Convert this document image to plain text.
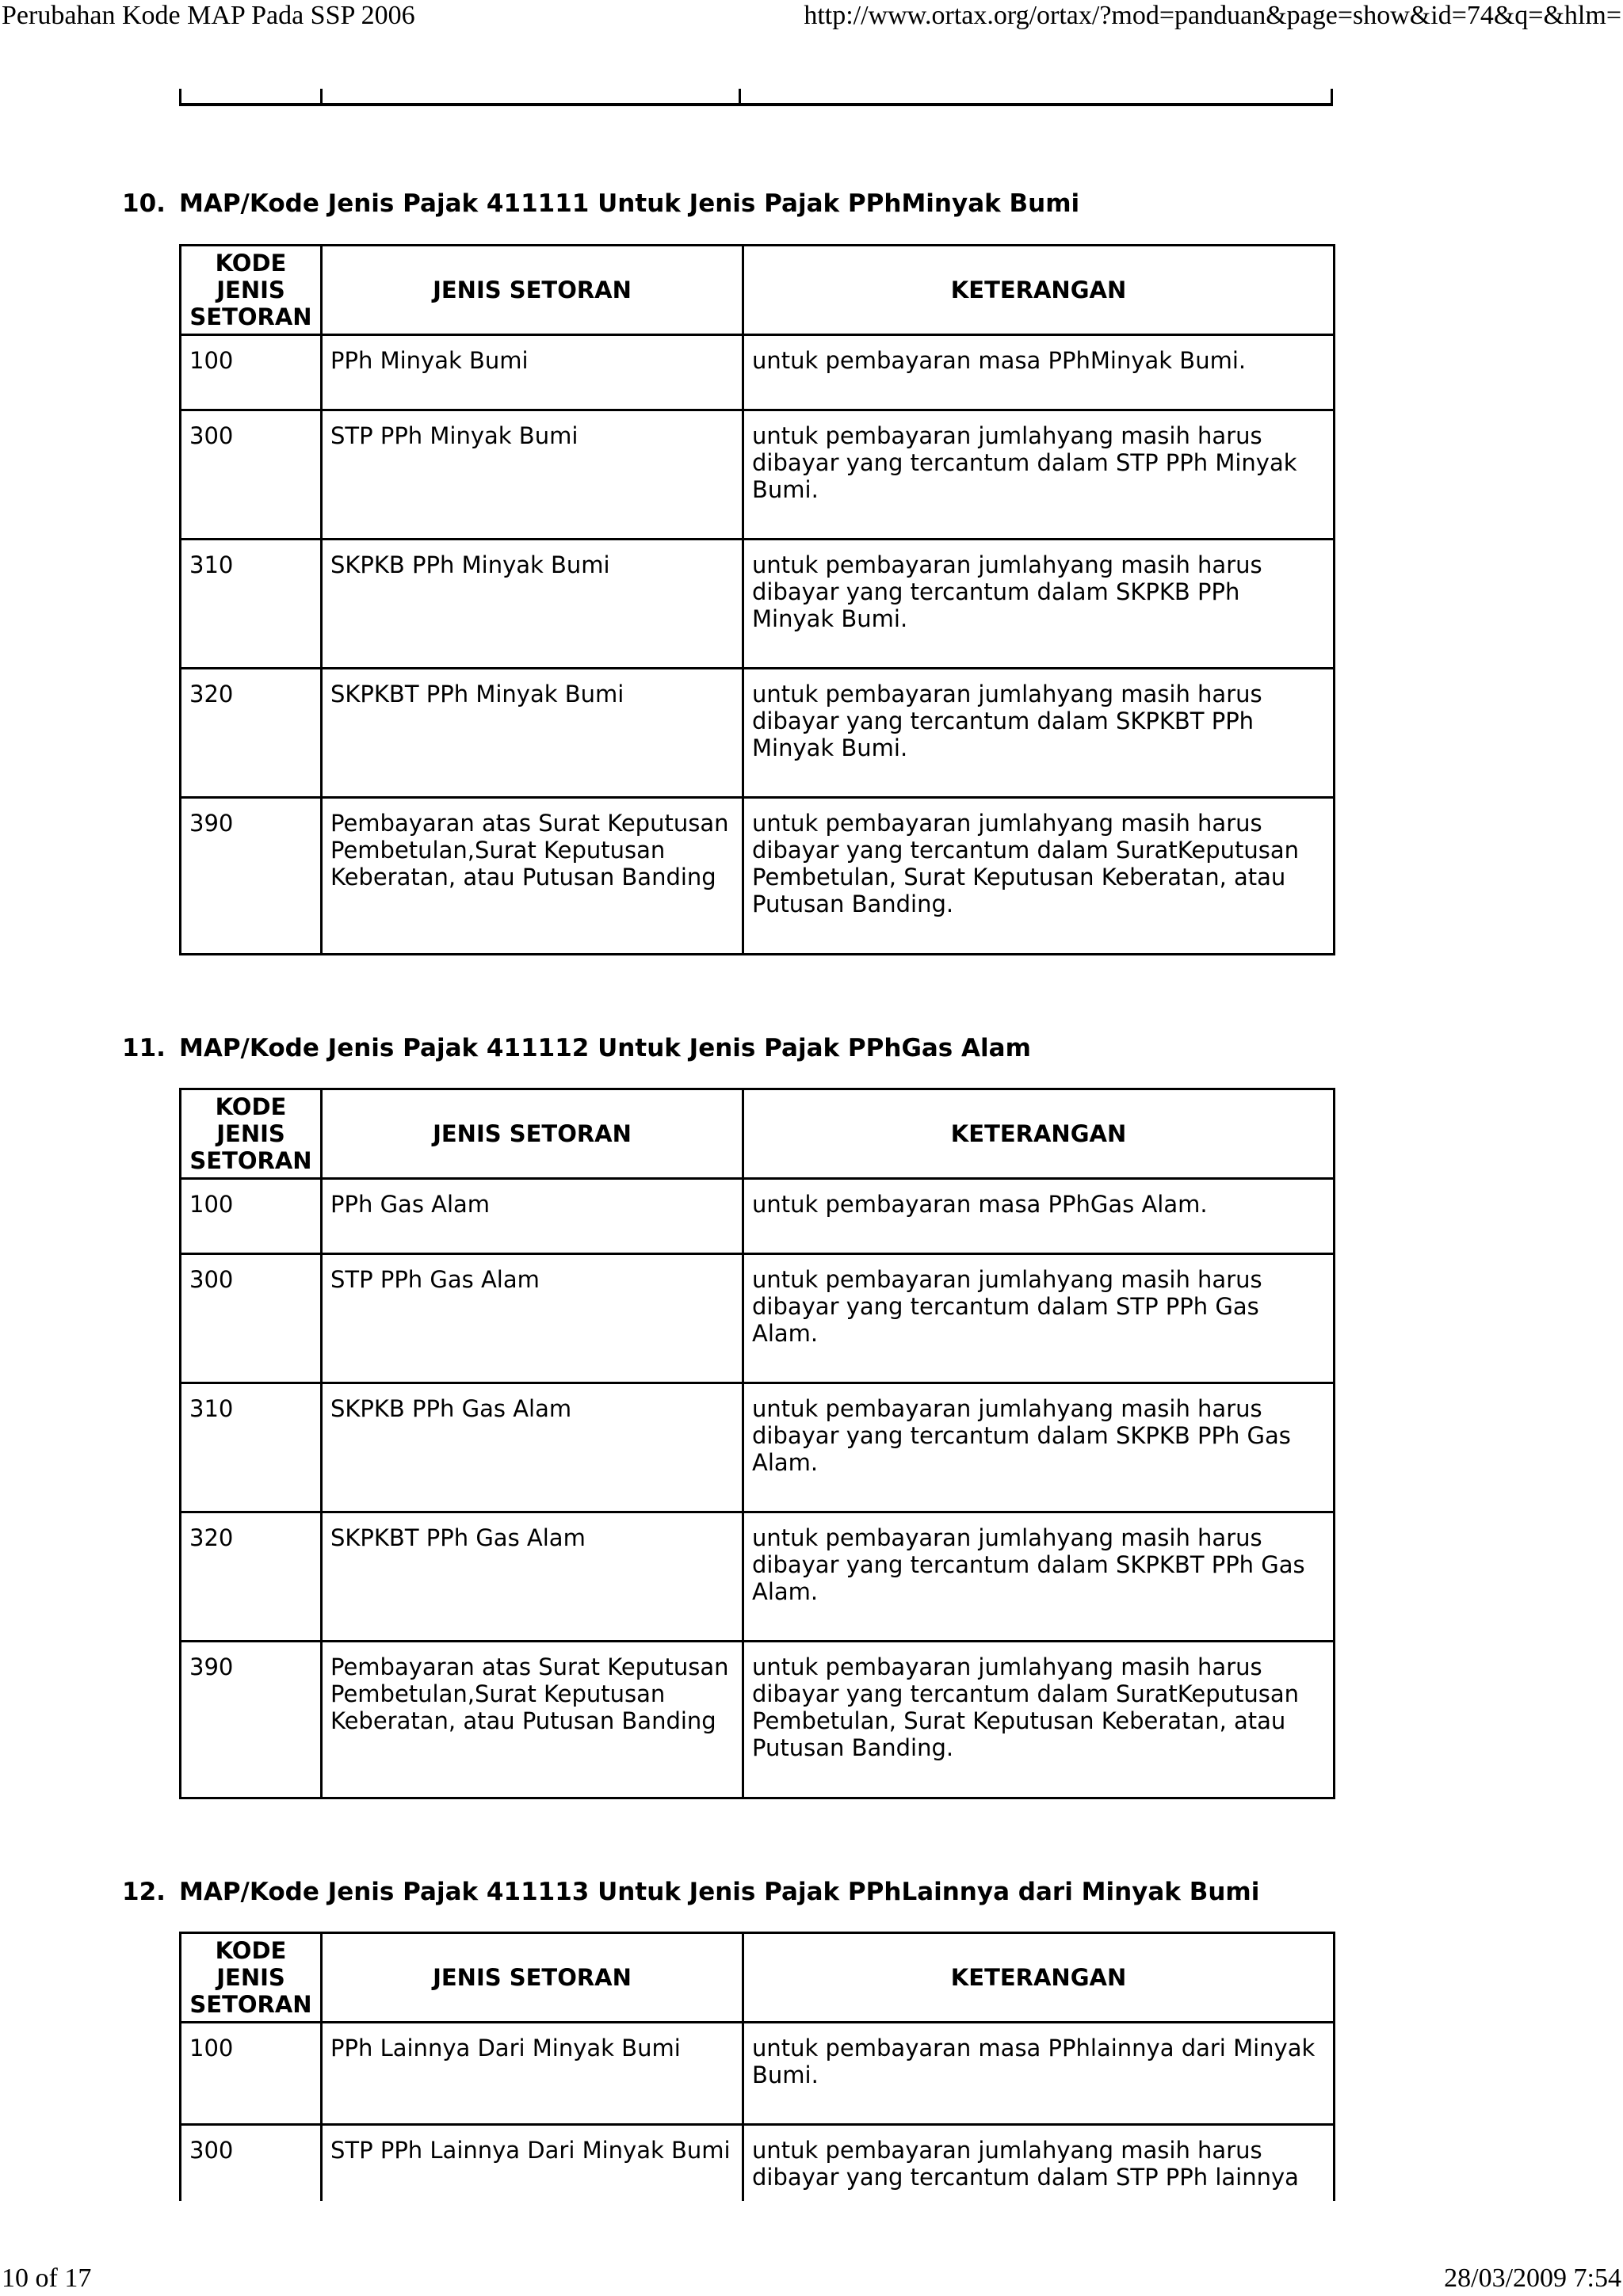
Perubahan Kode MAP Pada SSP 2006	http://www.ortax.org/ortax/?mod=panduan&page=show&id=74&q=&hlm=
10. MAP/Kode Jenis Pajak 411111 Untuk Jenis Pajak PPhMinyak Bumi
KODE JENIS SETORAN	JENIS SETORAN	KETERANGAN
100	PPh Minyak Bumi	untuk pembayaran masa PPhMinyak Bumi.
300	STP PPh Minyak Bumi	untuk pembayaran jumlahyang masih harus dibayar yang tercantum dalam STP PPh Minyak Bumi.
310	SKPKB PPh Minyak Bumi	untuk pembayaran jumlahyang masih harus dibayar yang tercantum dalam SKPKB PPh Minyak Bumi.
320	SKPKBT PPh Minyak Bumi	untuk pembayaran jumlahyang masih harus dibayar yang tercantum dalam SKPKBT PPh Minyak Bumi.
390	Pembayaran atas Surat Keputusan Pembetulan,Surat Keputusan Keberatan, atau Putusan Banding	untuk pembayaran jumlahyang masih harus dibayar yang tercantum dalam SuratKeputusan Pembetulan, Surat Keputusan Keberatan, atau Putusan Banding.
11. MAP/Kode Jenis Pajak 411112 Untuk Jenis Pajak PPhGas Alam
KODE JENIS SETORAN	JENIS SETORAN	KETERANGAN
100	PPh Gas Alam	untuk pembayaran masa PPhGas Alam.
300	STP PPh Gas Alam	untuk pembayaran jumlahyang masih harus dibayar yang tercantum dalam STP PPh Gas Alam.
310	SKPKB PPh Gas Alam	untuk pembayaran jumlahyang masih harus dibayar yang tercantum dalam SKPKB PPh Gas Alam.
320	SKPKBT PPh Gas Alam	untuk pembayaran jumlahyang masih harus dibayar yang tercantum dalam SKPKBT PPh Gas Alam.
390	Pembayaran atas Surat Keputusan Pembetulan,Surat Keputusan Keberatan, atau Putusan Banding	untuk pembayaran jumlahyang masih harus dibayar yang tercantum dalam SuratKeputusan Pembetulan, Surat Keputusan Keberatan, atau Putusan Banding.
12. MAP/Kode Jenis Pajak 411113 Untuk Jenis Pajak PPhLainnya dari Minyak Bumi
KODE JENIS SETORAN	JENIS SETORAN	KETERANGAN
100	PPh Lainnya Dari Minyak Bumi	untuk pembayaran masa PPhlainnya dari Minyak Bumi.
300	STP PPh Lainnya Dari Minyak Bumi	untuk pembayaran jumlahyang masih harus dibayar yang tercantum dalam STP PPh lainnya
10 of 17	28/03/2009 7:54
